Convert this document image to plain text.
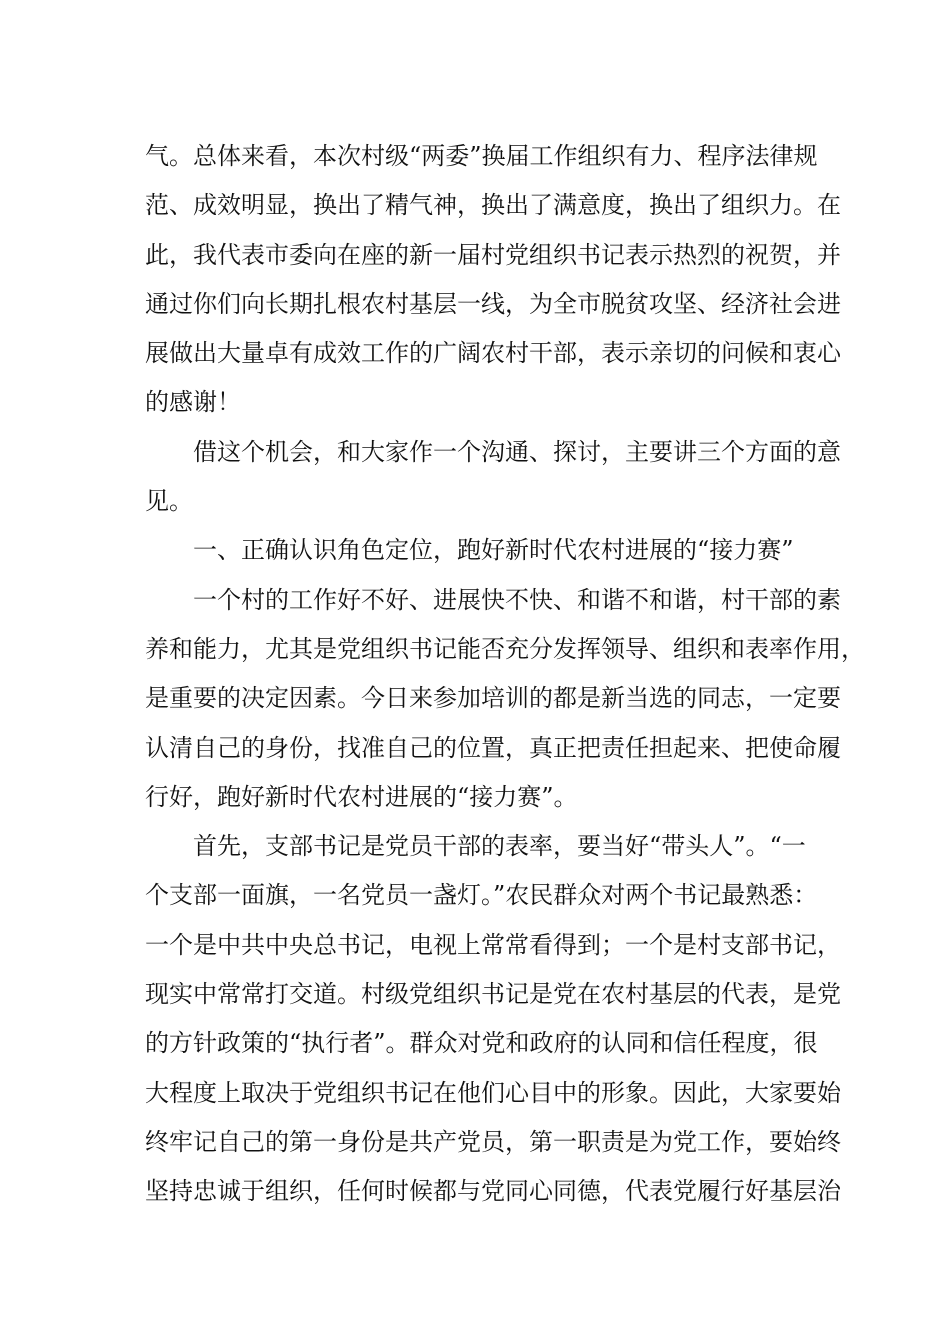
气。总体来看，本次村级“两委”换届工作组织有力、程序法律规
范、成效明显，换出了精气神，换出了满意度，换出了组织力。在
此，我代表市委向在座的新一届村党组织书记表示热烈的祝贺，并
通过你们向长期扎根农村基层一线，为全市脱贫攻坚、经济社会进
展做出大量卓有成效工作的广阔农村干部，表示亲切的问候和衷心
的感谢！

借这个机会，和大家作一个沟通、探讨，主要讲三个方面的意
见。

一、正确认识角色定位，跑好新时代农村进展的“接力赛”

一个村的工作好不好、进展快不快、和谐不和谐，村干部的素
养和能力，尤其是党组织书记能否充分发挥领导、组织和表率作用，
是重要的决定因素。今日来参加培训的都是新当选的同志，一定要
认清自己的身份，找准自己的位置，真正把责任担起来、把使命履
行好，跑好新时代农村进展的“接力赛”。

首先，支部书记是党员干部的表率，要当好“带头人”。“一
个支部一面旗，一名党员一盏灯。”农民群众对两个书记最熟悉：
一个是中共中央总书记，电视上常常看得到；一个是村支部书记，
现实中常常打交道。村级党组织书记是党在农村基层的代表，是党
的方针政策的“执行者”。群众对党和政府的认同和信任程度，很
大程度上取决于党组织书记在他们心目中的形象。因此，大家要始
终牢记自己的第一身份是共产党员，第一职责是为党工作，要始终
坚持忠诚于组织，任何时候都与党同心同德，代表党履行好基层治
